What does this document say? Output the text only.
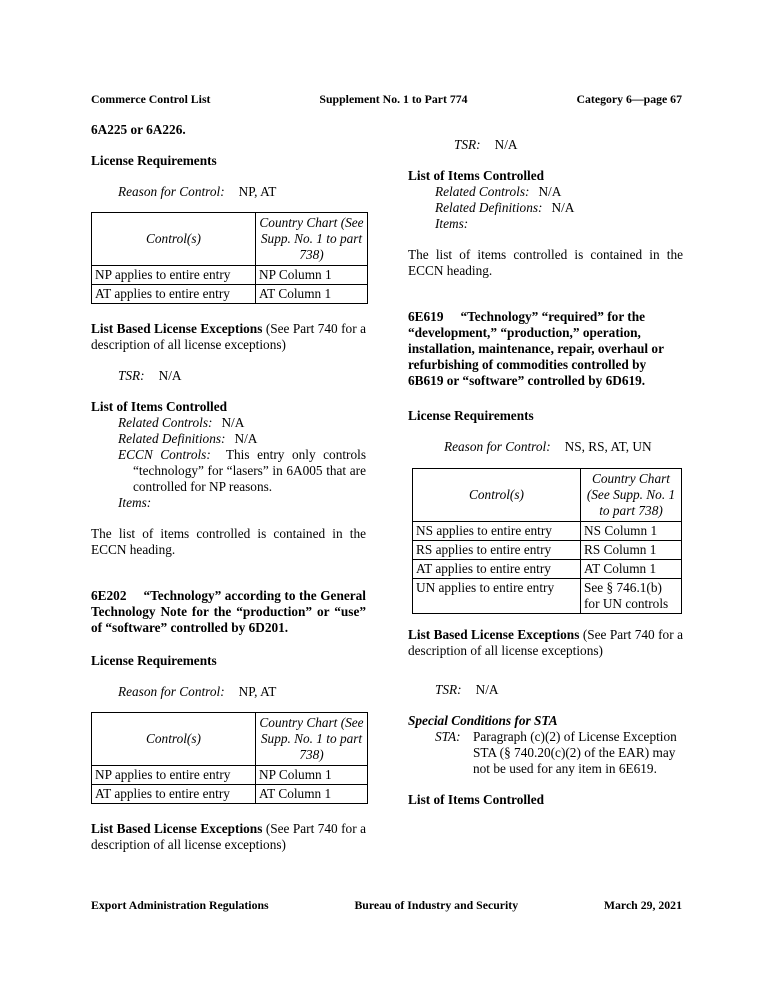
Commerce Control List	Supplement No. 1 to Part 774	Category 6—page 67

6A225 or 6A226.

License Requirements

Reason for Control: NP, AT

Control(s)	Country Chart (See Supp. No. 1 to part 738)
NP applies to entire entry	NP Column 1
AT applies to entire entry	AT Column 1

List Based License Exceptions (See Part 740 for a description of all license exceptions)

TSR: N/A

List of Items Controlled

Related Controls: N/A

Related Definitions: N/A

ECCN Controls: This entry only controls “technology” for “lasers” in 6A005 that are controlled for NP reasons.

Items:

The list of items controlled is contained in the ECCN heading.

6E202 “Technology” according to the General Technology Note for the “production” or “use” of “software” controlled by 6D201.

License Requirements

Reason for Control: NP, AT

Control(s)	Country Chart (See Supp. No. 1 to part 738)
NP applies to entire entry	NP Column 1
AT applies to entire entry	AT Column 1

List Based License Exceptions (See Part 740 for a description of all license exceptions)

TSR: N/A

List of Items Controlled

Related Controls: N/A

Related Definitions: N/A

Items:

The list of items controlled is contained in the ECCN heading.

6E619 “Technology” “required” for the “development,” “production,” operation, installation, maintenance, repair, overhaul or refurbishing of commodities controlled by 6B619 or “software” controlled by 6D619.

License Requirements

Reason for Control: NS, RS, AT, UN

Control(s)	Country Chart (See Supp. No. 1 to part 738)
NS applies to entire entry	NS Column 1
RS applies to entire entry	RS Column 1
AT applies to entire entry	AT Column 1
UN applies to entire entry	See § 746.1(b) for UN controls

List Based License Exceptions (See Part 740 for a description of all license exceptions)

TSR: N/A

Special Conditions for STA

STA: Paragraph (c)(2) of License Exception STA (§ 740.20(c)(2) of the EAR) may not be used for any item in 6E619.

List of Items Controlled

Export Administration Regulations	Bureau of Industry and Security	March 29, 2021
